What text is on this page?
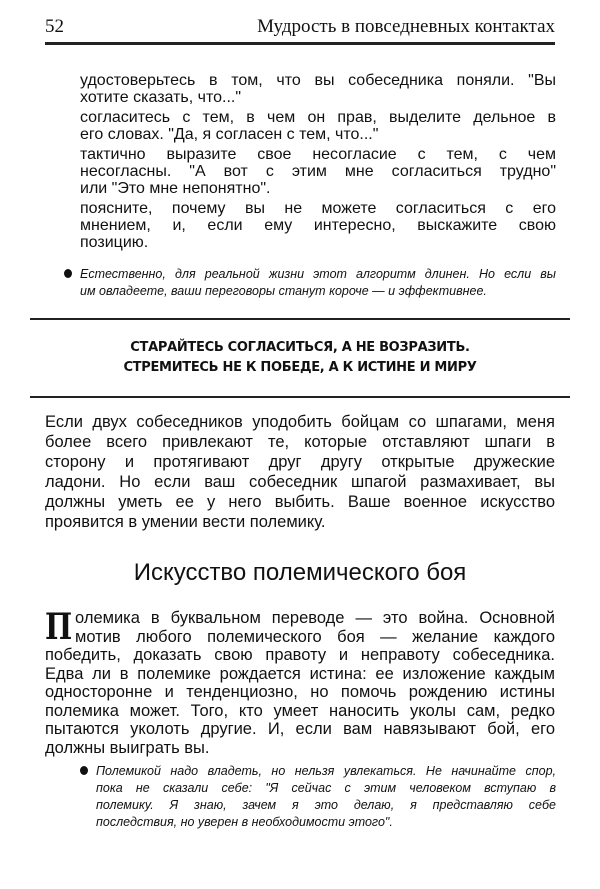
52	Мудрость в повседневных контактах
удостоверьтесь в том, что вы собеседника поняли. "Вы
хотите сказать, что..."
согласитесь с тем, в чем он прав, выделите дельное в
его словах. "Да, я согласен с тем, что..."
тактично выразите свое несогласие с тем, с чем
несогласны. "А вот с этим мне согласиться трудно"
или "Это мне непонятно".
поясните, почему вы не можете согласиться с его
мнением, и, если ему интересно, выскажите свою
позицию.
Естественно, для реальной жизни этот алгоритм длинен. Но если вы
им овладеете, ваши переговоры станут короче — и эффективнее.
СТАРАЙТЕСЬ СОГЛАСИТЬСЯ, А НЕ ВОЗРАЗИТЬ.
СТРЕМИТЕСЬ НЕ К ПОБЕДЕ, А К ИСТИНЕ И МИРУ
Если двух собеседников уподобить бойцам со шпагами, меня
более всего привлекают те, которые отставляют шпаги в
сторону и протягивают друг другу открытые дружеские
ладони. Но если ваш собеседник шпагой размахивает, вы
должны уметь ее у него выбить. Ваше военное искусство
проявится в умении вести полемику.
Искусство полемического боя
П олемика в буквальном переводе — это война. Основной
мотив любого полемического боя — желание каждого
победить, доказать свою правоту и неправоту собеседника.
Едва ли в полемике рождается истина: ее изложение каждым
односторонне и тенденциозно, но помочь рождению истины
полемика может. Того, кто умеет наносить уколы сам, редко
пытаются уколоть другие. И, если вам навязывают бой, его
должны выиграть вы.
Полемикой надо владеть, но нельзя увлекаться. Не начинайте спор,
пока не сказали себе: "Я сейчас с этим человеком вступаю в
полемику. Я знаю, зачем я это делаю, я представляю себе
последствия, но уверен в необходимости этого".
